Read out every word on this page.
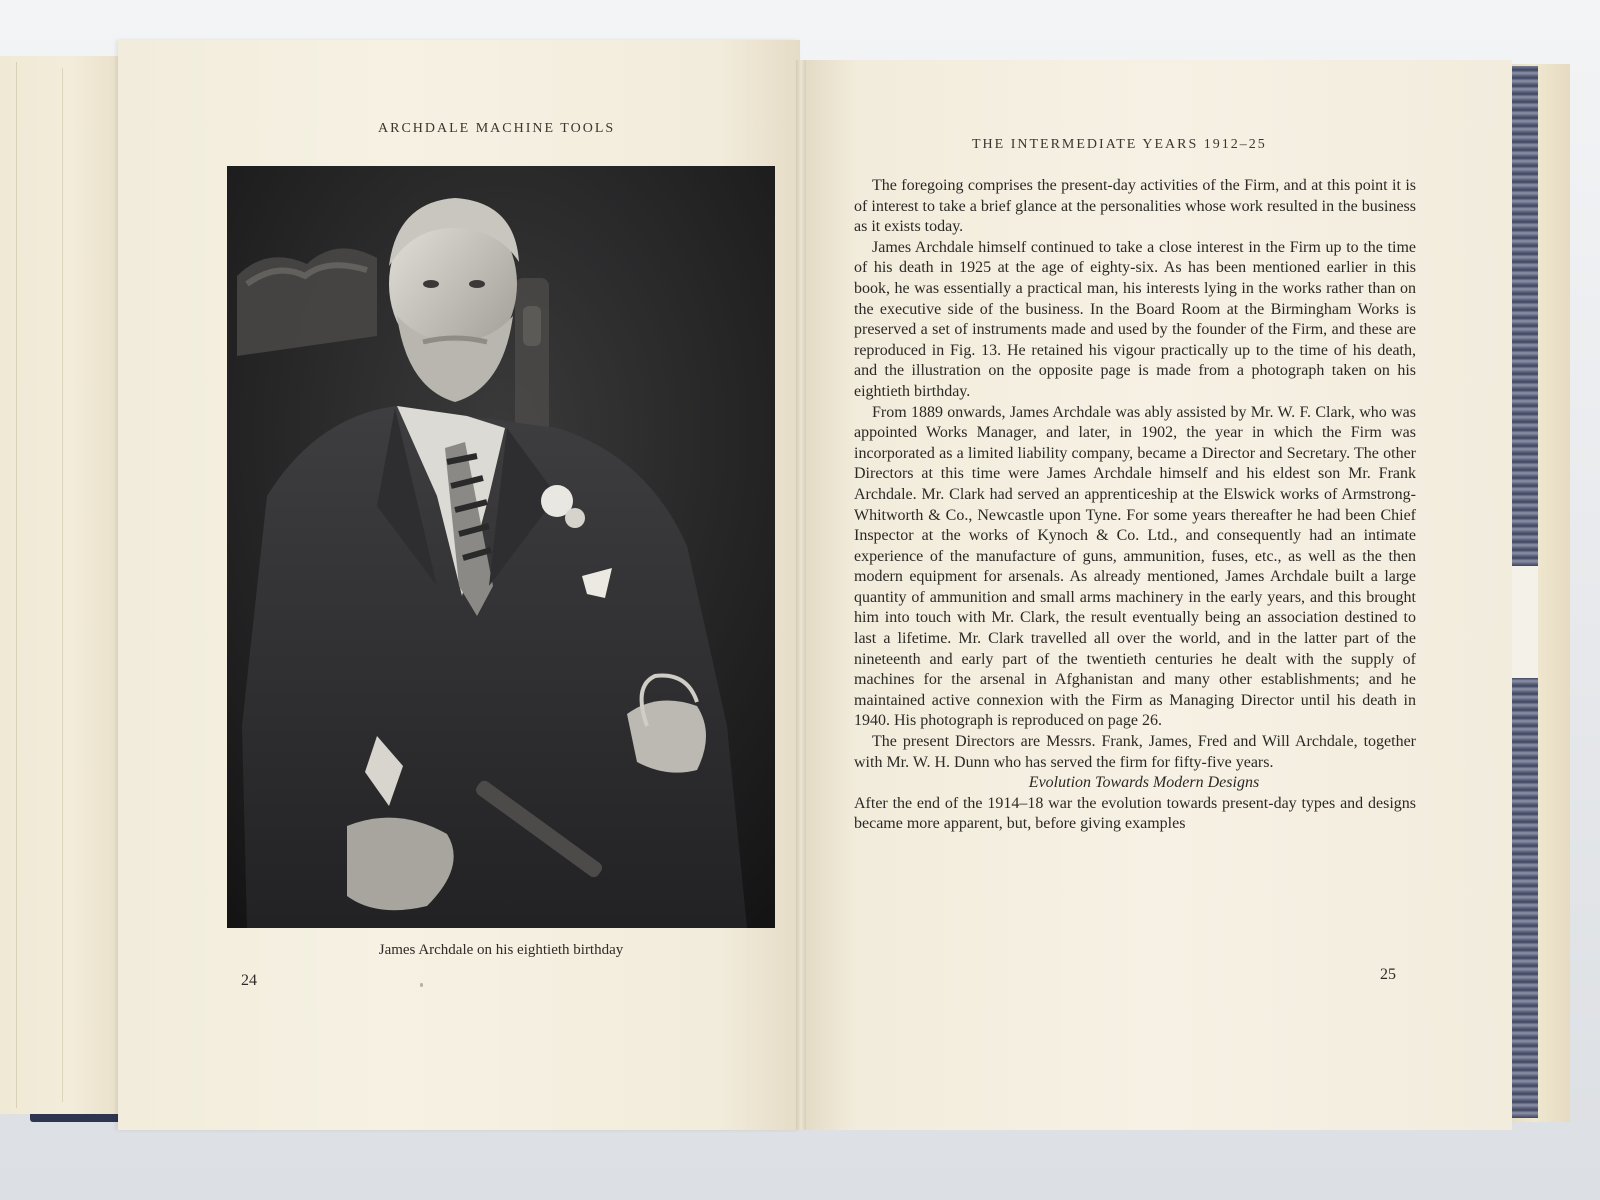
ARCHDALE MACHINE TOOLS
James Archdale on his eightieth birthday
24
THE INTERMEDIATE YEARS 1912–25

The foregoing comprises the present-day activities of the Firm, and at this point it is of interest to take a brief glance at the personalities whose work resulted in the business as it exists today.

James Archdale himself continued to take a close interest in the Firm up to the time of his death in 1925 at the age of eighty-six. As has been mentioned earlier in this book, he was essentially a practical man, his interests lying in the works rather than on the executive side of the business. In the Board Room at the Birmingham Works is preserved a set of instruments made and used by the founder of the Firm, and these are reproduced in Fig. 13. He retained his vigour practically up to the time of his death, and the illustration on the opposite page is made from a photograph taken on his eightieth birthday.

From 1889 onwards, James Archdale was ably assisted by Mr. W. F. Clark, who was appointed Works Manager, and later, in 1902, the year in which the Firm was incorporated as a limited liability company, became a Director and Secretary. The other Directors at this time were James Archdale himself and his eldest son Mr. Frank Archdale. Mr. Clark had served an apprenticeship at the Elswick works of Armstrong-Whitworth & Co., Newcastle upon Tyne. For some years thereafter he had been Chief Inspector at the works of Kynoch & Co. Ltd., and consequently had an intimate experience of the manufacture of guns, ammunition, fuses, etc., as well as the then modern equipment for arsenals. As already mentioned, James Archdale built a large quantity of ammunition and small arms machinery in the early years, and this brought him into touch with Mr. Clark, the result eventually being an association destined to last a lifetime. Mr. Clark travelled all over the world, and in the latter part of the nineteenth and early part of the twentieth centuries he dealt with the supply of machines for the arsenal in Afghanistan and many other establishments; and he maintained active connexion with the Firm as Managing Director until his death in 1940. His photograph is reproduced on page 26.

The present Directors are Messrs. Frank, James, Fred and Will Archdale, together with Mr. W. H. Dunn who has served the firm for fifty-five years.

Evolution Towards Modern Designs

After the end of the 1914–18 war the evolution towards present-day types and designs became more apparent, but, before giving examples

25
